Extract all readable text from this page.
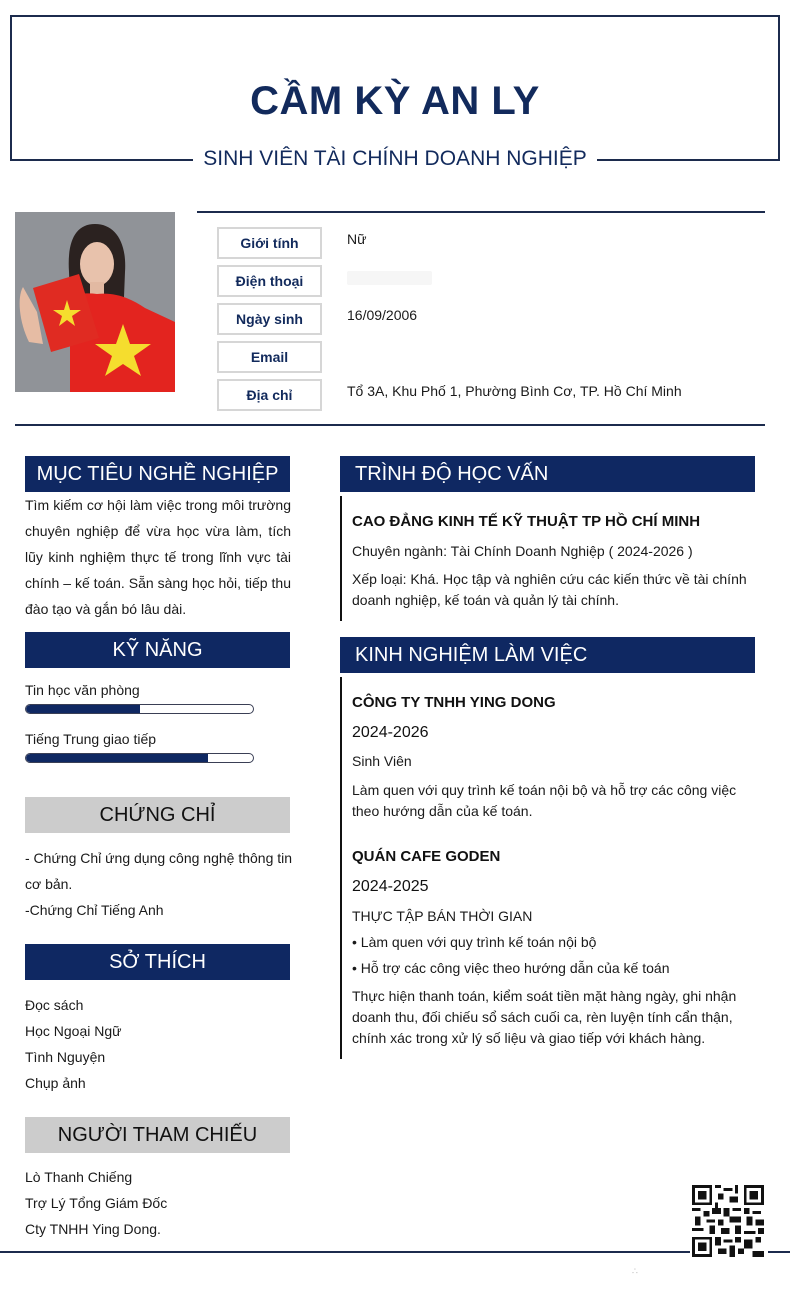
CẦM KỲ AN LY
SINH VIÊN TÀI CHÍNH DOANH NGHIỆP
Giới tính	Nữ
Điện thoại
Ngày sinh	16/09/2006
Email
Địa chỉ	Tổ 3A, Khu Phố 1, Phường Bình Cơ, TP. Hồ Chí Minh
MỤC TIÊU NGHỀ NGHIỆP
Tìm kiếm cơ hội làm việc trong môi trường chuyên nghiệp để vừa học vừa làm, tích lũy kinh nghiệm thực tế trong lĩnh vực tài chính – kế toán. Sẵn sàng học hỏi, tiếp thu đào tạo và gắn bó lâu dài.
KỸ NĂNG
Tin học văn phòng
Tiếng Trung giao tiếp
CHỨNG CHỈ
- Chứng Chỉ ứng dụng công nghệ thông tin
cơ bản.
-Chứng Chỉ Tiếng Anh
SỞ THÍCH
Đọc sách
Học Ngoại Ngữ
Tình Nguyện
Chụp ảnh
NGƯỜI THAM CHIẾU
Lò Thanh Chiếng
Trợ Lý Tổng Giám Đốc
Cty TNHH Ying Dong.
TRÌNH ĐỘ HỌC VẤN
CAO ĐẲNG KINH TẾ KỸ THUẬT TP HỒ CHÍ MINH
Chuyên ngành: Tài Chính Doanh Nghiệp ( 2024-2026 )
Xếp loại: Khá. Học tập và nghiên cứu các kiến thức về tài chính doanh nghiệp, kế toán và quản lý tài chính.
KINH NGHIỆM LÀM VIỆC
CÔNG TY TNHH YING DONG
2024-2026
Sinh Viên
Làm quen với quy trình kế toán nội bộ và hỗ trợ các công việc theo hướng dẫn của kế toán.
QUÁN CAFE GODEN
2024-2025
THỰC TẬP BÁN THỜI GIAN
• Làm quen với quy trình kế toán nội bộ
• Hỗ trợ các công việc theo hướng dẫn của kế toán
Thực hiện thanh toán, kiểm soát tiền mặt hàng ngày, ghi nhận doanh thu, đối chiếu sổ sách cuối ca, rèn luyện tính cẩn thận, chính xác trong xử lý số liệu và giao tiếp với khách hàng.
∴
